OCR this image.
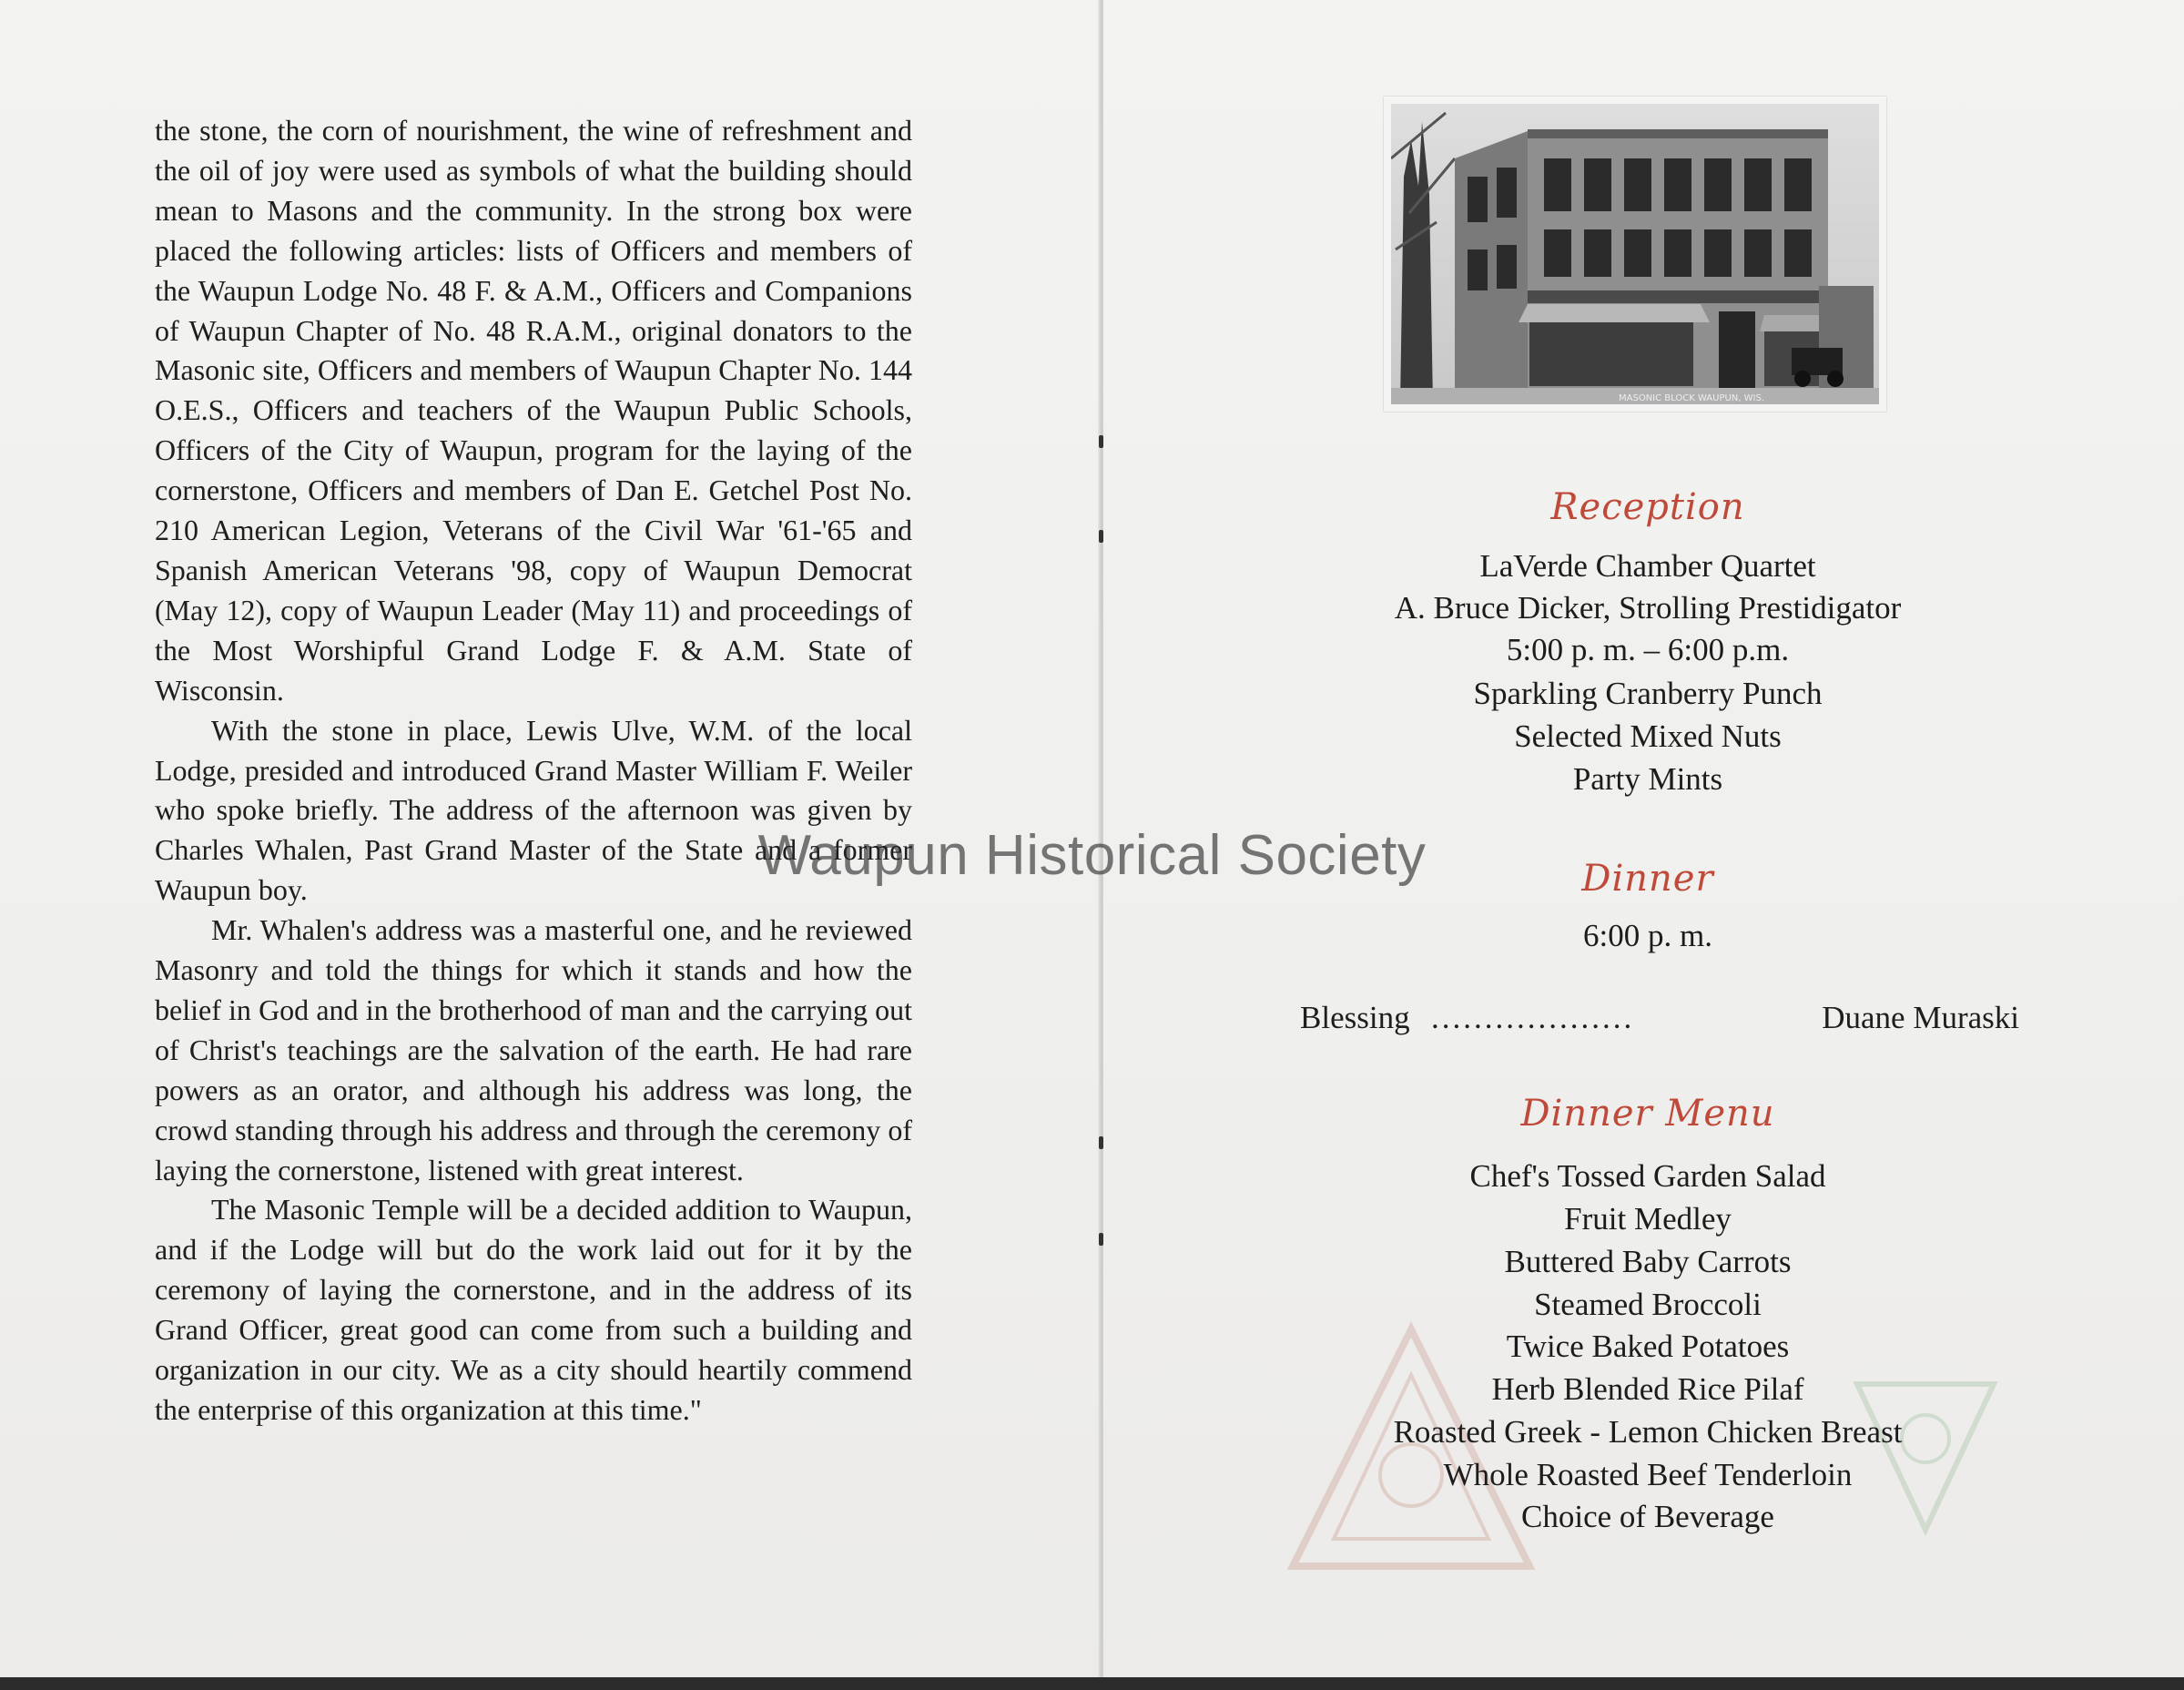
the stone, the corn of nourishment, the wine of refreshment and the oil of joy were used as symbols of what the building should mean to Masons and the community. In the strong box were placed the following articles: lists of Officers and members of the Waupun Lodge No. 48 F. & A.M., Officers and Companions of Waupun Chapter of No. 48 R.A.M., original donators to the Masonic site, Officers and members of Waupun Chapter No. 144 O.E.S., Officers and teachers of the Waupun Public Schools, Officers of the City of Waupun, program for the laying of the cornerstone, Officers and members of Dan E. Getchel Post No. 210 American Legion, Veterans of the Civil War '61-'65 and Spanish American Veterans '98, copy of Waupun Democrat (May 12), copy of Waupun Leader (May 11) and proceedings of the Most Worshipful Grand Lodge F. & A.M. State of Wisconsin.

With the stone in place, Lewis Ulve, W.M. of the local Lodge, presided and introduced Grand Master William F. Weiler who spoke briefly. The address of the afternoon was given by Charles Whalen, Past Grand Master of the State and a former Waupun boy.

Mr. Whalen's address was a masterful one, and he reviewed Masonry and told the things for which it stands and how the belief in God and in the brotherhood of man and the carrying out of Christ's teachings are the salvation of the earth. He had rare powers as an orator, and although his address was long, the crowd standing through his address and through the ceremony of laying the cornerstone, listened with great interest.

The Masonic Temple will be a decided addition to Waupun, and if the Lodge will but do the work laid out for it by the ceremony of laying the cornerstone, and in the address of its Grand Officer, great good can come from such a building and organization in our city. We as a city should heartily commend the enterprise of this organization at this time."

MASONIC BLOCK WAUPUN, WIS.
Reception
LaVerde Chamber Quartet
A. Bruce Dicker, Strolling Prestidigator
5:00 p. m. – 6:00 p.m.
Sparkling Cranberry Punch
Selected Mixed Nuts
Party Mints
Dinner
6:00 p. m.
Blessing ...................	Duane Muraski
Dinner Menu
Chef's Tossed Garden Salad
Fruit Medley
Buttered Baby Carrots
Steamed Broccoli
Twice Baked Potatoes
Herb Blended Rice Pilaf
Roasted Greek - Lemon Chicken Breast
Whole Roasted Beef Tenderloin
Choice of Beverage
Waupun Historical Society
